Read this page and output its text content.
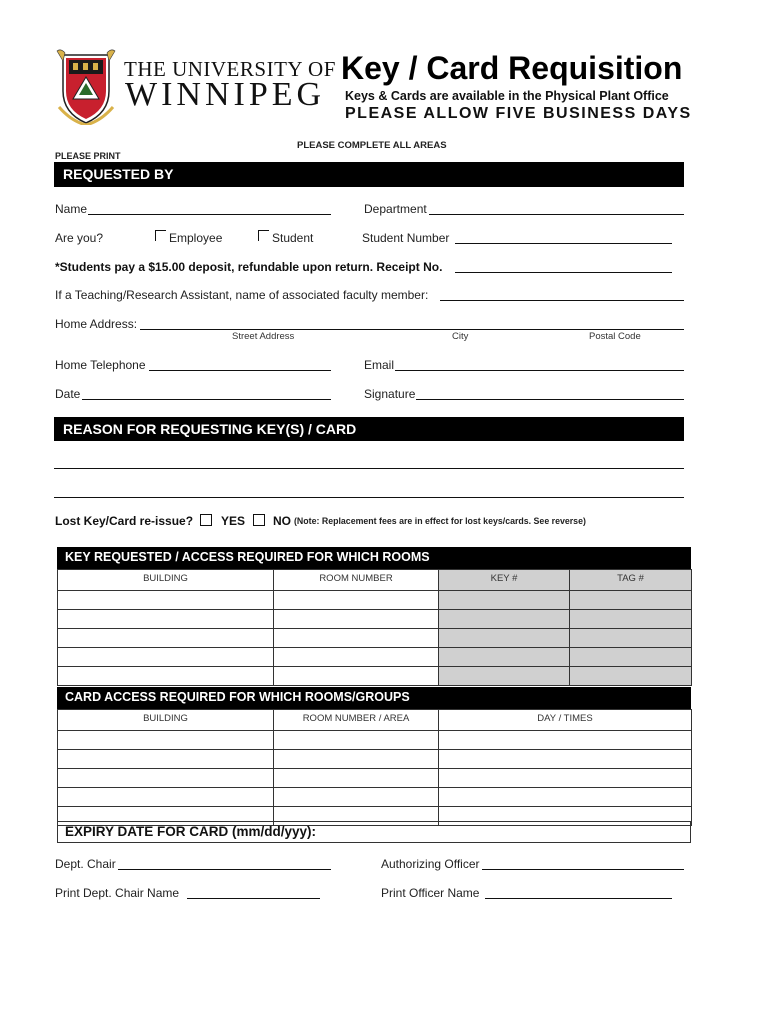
THE UNIVERSITY OF
WINNIPEG
Key / Card Requisition
Keys & Cards are available in the Physical Plant Office
PLEASE ALLOW FIVE BUSINESS DAYS
PLEASE COMPLETE ALL AREAS
PLEASE PRINT
REQUESTED BY
Name	Department
Are you?	Employee	Student	Student Number
*Students pay a $15.00 deposit, refundable upon return. Receipt No.
If a Teaching/Research Assistant, name of associated faculty member:
Home Address:
Street Address	City	Postal Code
Home Telephone	Email
Date	Signature
REASON FOR REQUESTING KEY(S) / CARD
Lost Key/Card re-issue? YES NO (Note: Replacement fees are in effect for lost keys/cards. See reverse)
KEY REQUESTED / ACCESS REQUIRED FOR WHICH ROOMS
BUILDING	ROOM NUMBER	KEY #	TAG #

CARD ACCESS REQUIRED FOR WHICH ROOMS/GROUPS
BUILDING	ROOM NUMBER / AREA	DAY / TIMES

EXPIRY DATE FOR CARD (mm/dd/yyy):
Dept. Chair	Authorizing Officer
Print Dept. Chair Name	Print Officer Name
